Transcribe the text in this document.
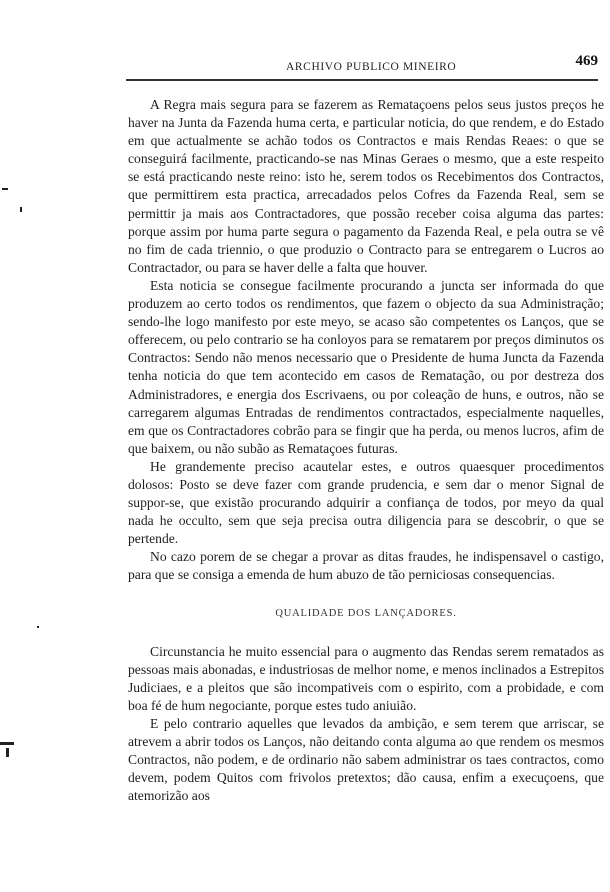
ARCHIVO PUBLICO MINEIRO	469

A Regra mais segura para se fazerem as Remataçoens pelos seus justos preços he haver na Junta da Fazenda huma certa, e particular noticia, do que rendem, e do Estado em que actualmente se achão todos os Contractos e mais Rendas Reaes: o que se conseguirá facilmente, practicando-se nas Minas Geraes o mesmo, que a este respeito se está practicando neste reino: isto he, serem todos os Recebimentos dos Contractos, que permittirem esta practica, arrecadados pelos Cofres da Fazenda Real, sem se permittir ja mais aos Contractadores, que possão receber coisa alguma das partes: porque assim por huma parte segura o pagamento da Fazenda Real, e pela outra se vê no fim de cada triennio, o que produzio o Contracto para se entregarem o Lucros ao Contractador, ou para se haver delle a falta que houver.

Esta noticia se consegue facilmente procurando a juncta ser informada do que produzem ao certo todos os rendimentos, que fazem o objecto da sua Administração; sendo-lhe logo manifesto por este meyo, se acaso são competentes os Lanços, que se offerecem, ou pelo contrario se ha conloyos para se rematarem por preços diminutos os Contractos: Sendo não menos necessario que o Presidente de huma Juncta da Fazenda tenha noticia do que tem acontecido em casos de Rematação, ou por destreza dos Administradores, e energia dos Escrivaens, ou por coleação de huns, e outros, não se carregarem algumas Entradas de rendimentos contractados, especialmente naquelles, em que os Contractadores cobrão para se fingir que ha perda, ou menos lucros, afim de que baixem, ou não subão as Remataçoes futuras.

He grandemente preciso acautelar estes, e outros quaesquer procedimentos dolosos: Posto se deve fazer com grande prudencia, e sem dar o menor Signal de suppor-se, que existão procurando adquirir a confiança de todos, por meyo da qual nada he occulto, sem que seja precisa outra diligencia para se descobrir, o que se pertende.

No cazo porem de se chegar a provar as ditas fraudes, he indispensavel o castigo, para que se consiga a emenda de hum abuzo de tão perniciosas consequencias.

QUALIDADE DOS LANÇADORES.

Circunstancia he muito essencial para o augmento das Rendas serem rematados as pessoas mais abonadas, e industriosas de melhor nome, e menos inclinados a Estrepitos Judiciaes, e a pleitos que são incompativeis com o espirito, com a probidade, e com boa fé de hum negociante, porque estes tudo aniuião.

E pelo contrario aquelles que levados da ambição, e sem terem que arriscar, se atrevem a abrir todos os Lanços, não deitando conta alguma ao que rendem os mesmos Contractos, não podem, e de ordinario não sabem administrar os taes contractos, como devem, podem Quitos com frivolos pretextos; dão causa, enfim a execuçoens, que atemorizão aos
